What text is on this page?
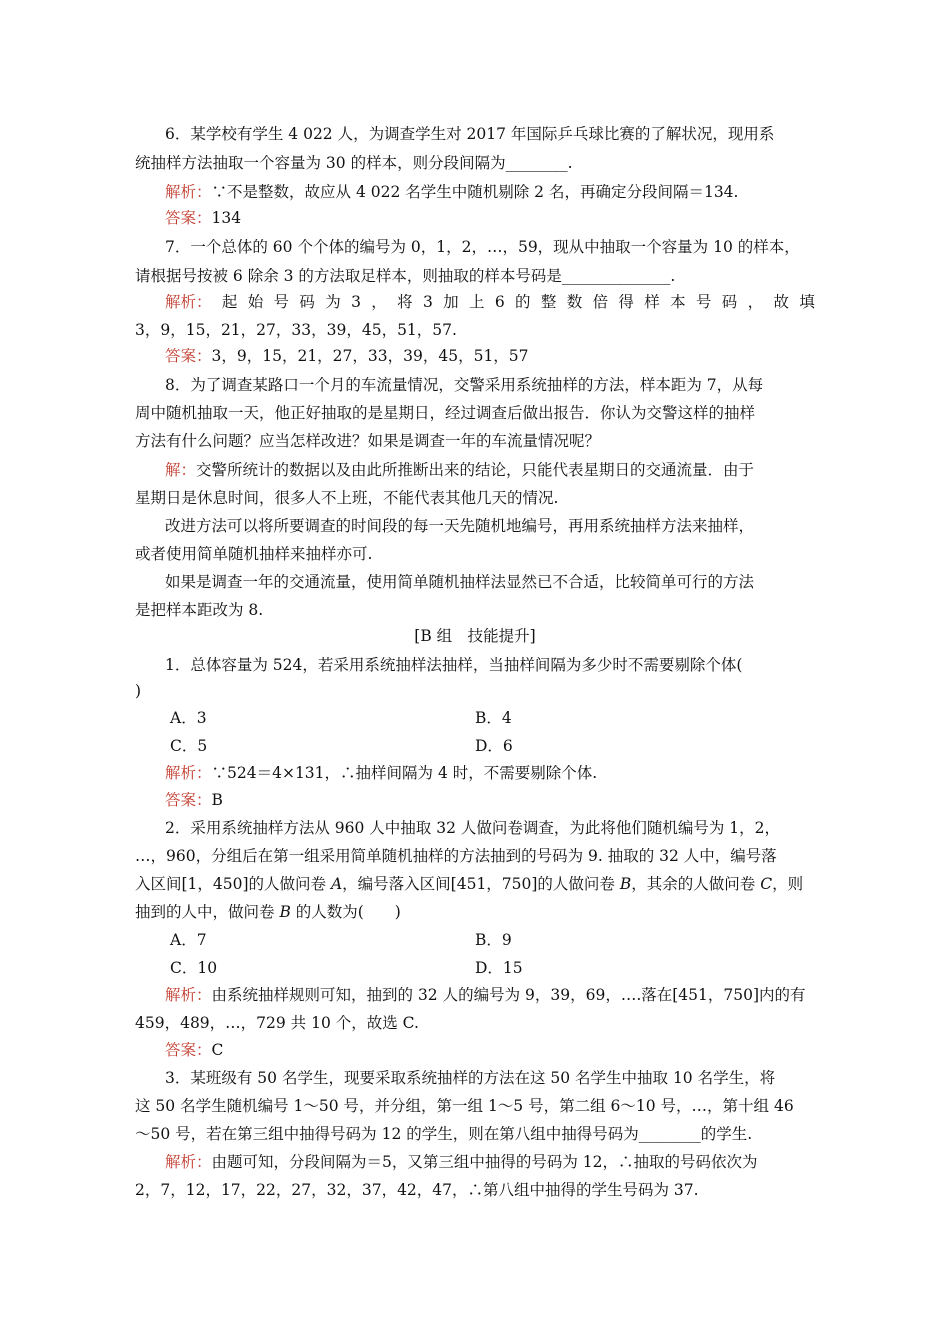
6．某学校有学生 4 022 人，为调查学生对 2017 年国际乒乓球比赛的了解状况，现用系
统抽样方法抽取一个容量为 30 的样本，则分段间隔为________.
解析：∵不是整数，故应从 4 022 名学生中随机剔除 2 名，再确定分段间隔＝134.
答案：134
7．一个总体的 60 个个体的编号为 0，1，2，…，59，现从中抽取一个容量为 10 的样本，
请根据号按被 6 除余 3 的方法取足样本，则抽取的样本号码是______________.
解析： 起 始 号 码 为 3 ， 将 3 加 上 6 的 整 数 倍 得 样 本 号 码 ， 故 填
3，9，15，21，27，33，39，45，51，57.
答案：3，9，15，21，27，33，39，45，51，57
8．为了调查某路口一个月的车流量情况，交警采用系统抽样的方法，样本距为 7，从每
周中随机抽取一天，他正好抽取的是星期日，经过调查后做出报告．你认为交警这样的抽样
方法有什么问题？应当怎样改进？如果是调查一年的车流量情况呢？
解：交警所统计的数据以及由此所推断出来的结论，只能代表星期日的交通流量．由于
星期日是休息时间，很多人不上班，不能代表其他几天的情况.
改进方法可以将所要调查的时间段的每一天先随机地编号，再用系统抽样方法来抽样，
或者使用简单随机抽样来抽样亦可.
如果是调查一年的交通流量，使用简单随机抽样法显然已不合适，比较简单可行的方法
是把样本距改为 8.
[B 组　技能提升]
1．总体容量为 524，若采用系统抽样法抽样，当抽样间隔为多少时不需要剔除个体(
)
A．3	B．4
C．5	D．6
解析：∵524＝4×131，∴抽样间隔为 4 时，不需要剔除个体.
答案：B
2．采用系统抽样方法从 960 人中抽取 32 人做问卷调查，为此将他们随机编号为 1，2，
…，960，分组后在第一组采用简单随机抽样的方法抽到的号码为 9. 抽取的 32 人中，编号落
入区间[1，450]的人做问卷 A，编号落入区间[451，750]的人做问卷 B，其余的人做问卷 C，则
抽到的人中，做问卷 B 的人数为(　　)
A．7	B．9
C．10	D．15
解析：由系统抽样规则可知，抽到的 32 人的编号为 9，39，69，….落在[451，750]内的有
459，489，…，729 共 10 个，故选 C.
答案：C
3．某班级有 50 名学生，现要采取系统抽样的方法在这 50 名学生中抽取 10 名学生，将
这 50 名学生随机编号 1～50 号，并分组，第一组 1～5 号，第二组 6～10 号，…，第十组 46
～50 号，若在第三组中抽得号码为 12 的学生，则在第八组中抽得号码为________的学生.
解析：由题可知，分段间隔为＝5，又第三组中抽得的号码为 12，∴抽取的号码依次为
2，7，12，17，22，27，32，37，42，47，∴第八组中抽得的学生号码为 37.
